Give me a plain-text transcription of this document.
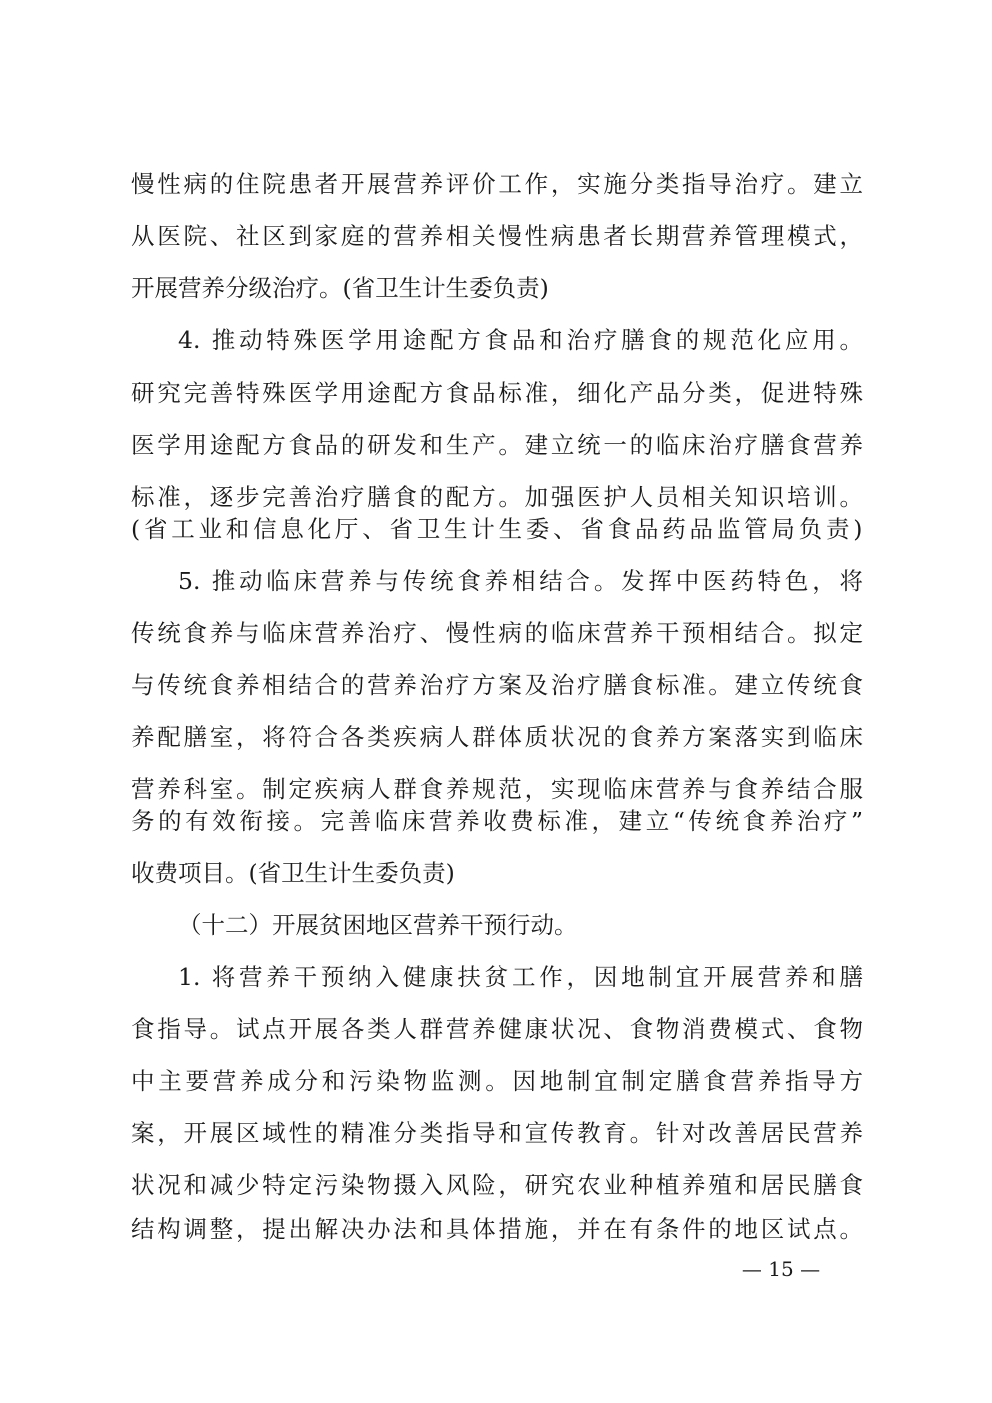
慢性病的住院患者开展营养评价工作，实施分类指导治疗。建立
从医院、社区到家庭的营养相关慢性病患者长期营养管理模式，
开展营养分级治疗。(省卫生计生委负责)
4. 推动特殊医学用途配方食品和治疗膳食的规范化应用。
研究完善特殊医学用途配方食品标准，细化产品分类，促进特殊
医学用途配方食品的研发和生产。建立统一的临床治疗膳食营养
标准，逐步完善治疗膳食的配方。加强医护人员相关知识培训。
(省工业和信息化厅、省卫生计生委、省食品药品监管局负责)
5. 推动临床营养与传统食养相结合。发挥中医药特色，将
传统食养与临床营养治疗、慢性病的临床营养干预相结合。拟定
与传统食养相结合的营养治疗方案及治疗膳食标准。建立传统食
养配膳室，将符合各类疾病人群体质状况的食养方案落实到临床
营养科室。制定疾病人群食养规范，实现临床营养与食养结合服
务的有效衔接。完善临床营养收费标准，建立“传统食养治疗”
收费项目。(省卫生计生委负责)
（十二）开展贫困地区营养干预行动。
1. 将营养干预纳入健康扶贫工作，因地制宜开展营养和膳
食指导。试点开展各类人群营养健康状况、食物消费模式、食物
中主要营养成分和污染物监测。因地制宜制定膳食营养指导方
案，开展区域性的精准分类指导和宣传教育。针对改善居民营养
状况和减少特定污染物摄入风险，研究农业种植养殖和居民膳食
结构调整，提出解决办法和具体措施，并在有条件的地区试点。
— 15 —
